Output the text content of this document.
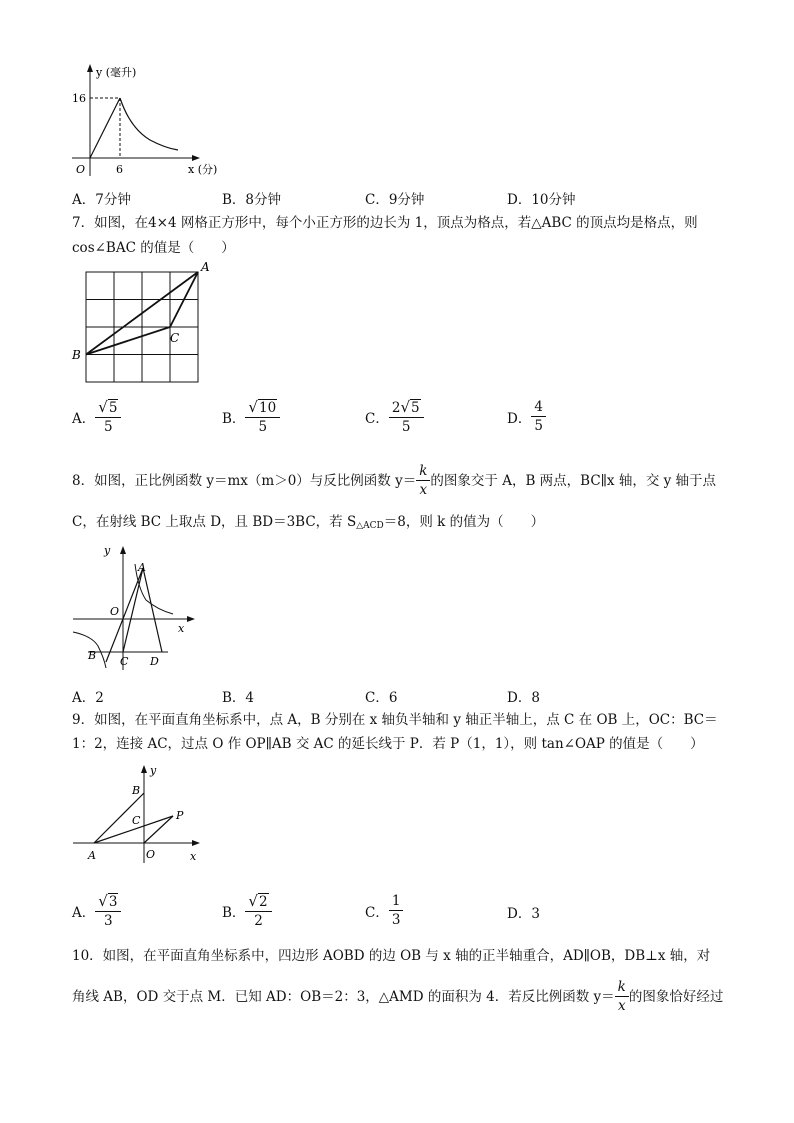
y (毫升)
x (分)
O
16
6
A．7分钟	B．8分钟	C．9分钟	D．10分钟
7．如图，在4×4 网格正方形中，每个小正方形的边长为 1，顶点为格点，若△ABC 的顶点均是格点，则
cos∠BAC 的值是（　　）
A
B
C
A． $\frac{√ 5}{5}$	B． $\frac{√ 10}{5}$	C． $\frac{2 √ 5}{5}$	D． $\frac{4}{5}$
8．如图，正比例函数 y＝mx（m＞0）与反比例函数 $y= \frac{k}{x}$ 的图象交于 A，B 两点，BC∥x 轴，交 y 轴于点
C，在射线 BC 上取点 D，且 BD＝3BC，若 $S_{\triangle ACD}=8$，则 k 的值为（　　）
y
x
O
A
B C D
A．2	B．4	C．6	D．8
9．如图，在平面直角坐标系中，点 A，B 分别在 x 轴负半轴和 y 轴正半轴上，点 C 在 OB 上，OC：BC＝
1：2，连接 AC，过点 O 作 OP∥AB 交 AC 的延长线于 P．若 P（1，1），则 tan∠OAP 的值是（　　）
y
x
O
A
B
C	P
A． $\frac{√ 3}{3}$	B． $\frac{√ 2}{2}$	C． $\frac{1}{3}$	D．3
10．如图，在平面直角坐标系中，四边形 AOBD 的边 OB 与 x 轴的正半轴重合，AD∥OB，DB⊥x 轴，对
角线 AB，OD 交于点 M．已知 AD：OB＝2：3，△AMD 的面积为 4．若反比例函数 $y= \frac{k}{x}$ 的图象恰好经过
